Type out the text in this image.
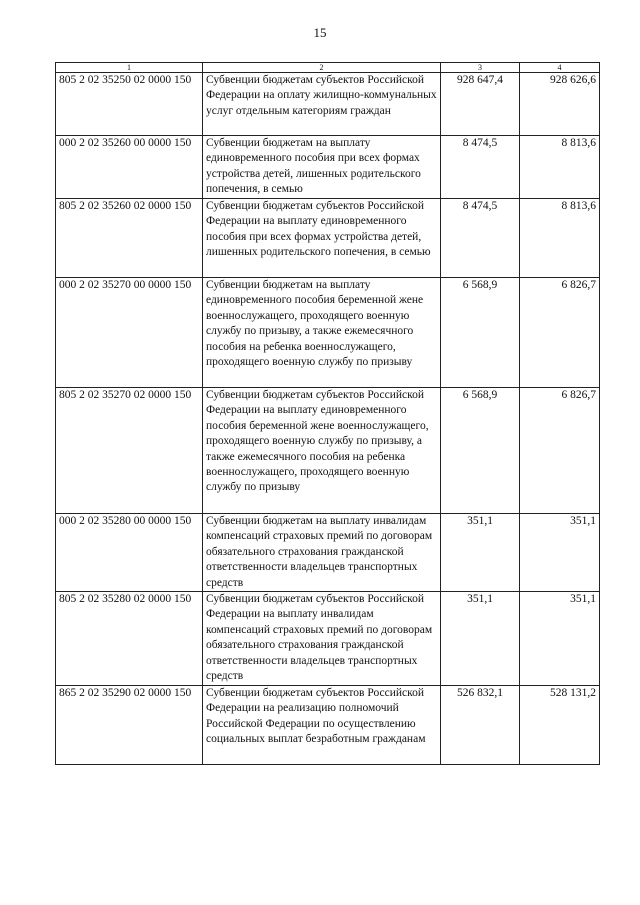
15
1	2	3	4
805 2 02 35250 02 0000 150	Субвенции бюджетам субъектов Российской Федерации на оплату жилищно-коммунальных услуг отдельным категориям граждан	928 647,4	928 626,6
000 2 02 35260 00 0000 150	Субвенции бюджетам на выплату единовременного пособия при всех формах устройства детей, лишенных родительского попечения, в семью	8 474,5	8 813,6
805 2 02 35260 02 0000 150	Субвенции бюджетам субъектов Российской Федерации на выплату единовременного пособия при всех формах устройства детей, лишенных родительского попечения, в семью	8 474,5	8 813,6
000 2 02 35270 00 0000 150	Субвенции бюджетам на выплату единовременного пособия беременной жене военнослужащего, проходящего военную службу по призыву, а также ежемесячного пособия на ребенка военнослужащего, проходящего военную службу по призыву	6 568,9	6 826,7
805 2 02 35270 02 0000 150	Субвенции бюджетам субъектов Российской Федерации на выплату единовременного пособия беременной жене военнослужащего, проходящего военную службу по призыву, а также ежемесячного пособия на ребенка военнослужащего, проходящего военную службу по призыву	6 568,9	6 826,7
000 2 02 35280 00 0000 150	Субвенции бюджетам на выплату инвалидам компенсаций страховых премий по договорам обязательного страхования гражданской ответственности владельцев транспортных средств	351,1	351,1
805 2 02 35280 02 0000 150	Субвенции бюджетам субъектов Российской Федерации на выплату инвалидам компенсаций страховых премий по договорам обязательного страхования гражданской ответственности владельцев транспортных средств	351,1	351,1
865 2 02 35290 02 0000 150	Субвенции бюджетам субъектов Российской Федерации на реализацию полномочий Российской Федерации по осуществлению социальных выплат безработным гражданам	526 832,1	528 131,2
